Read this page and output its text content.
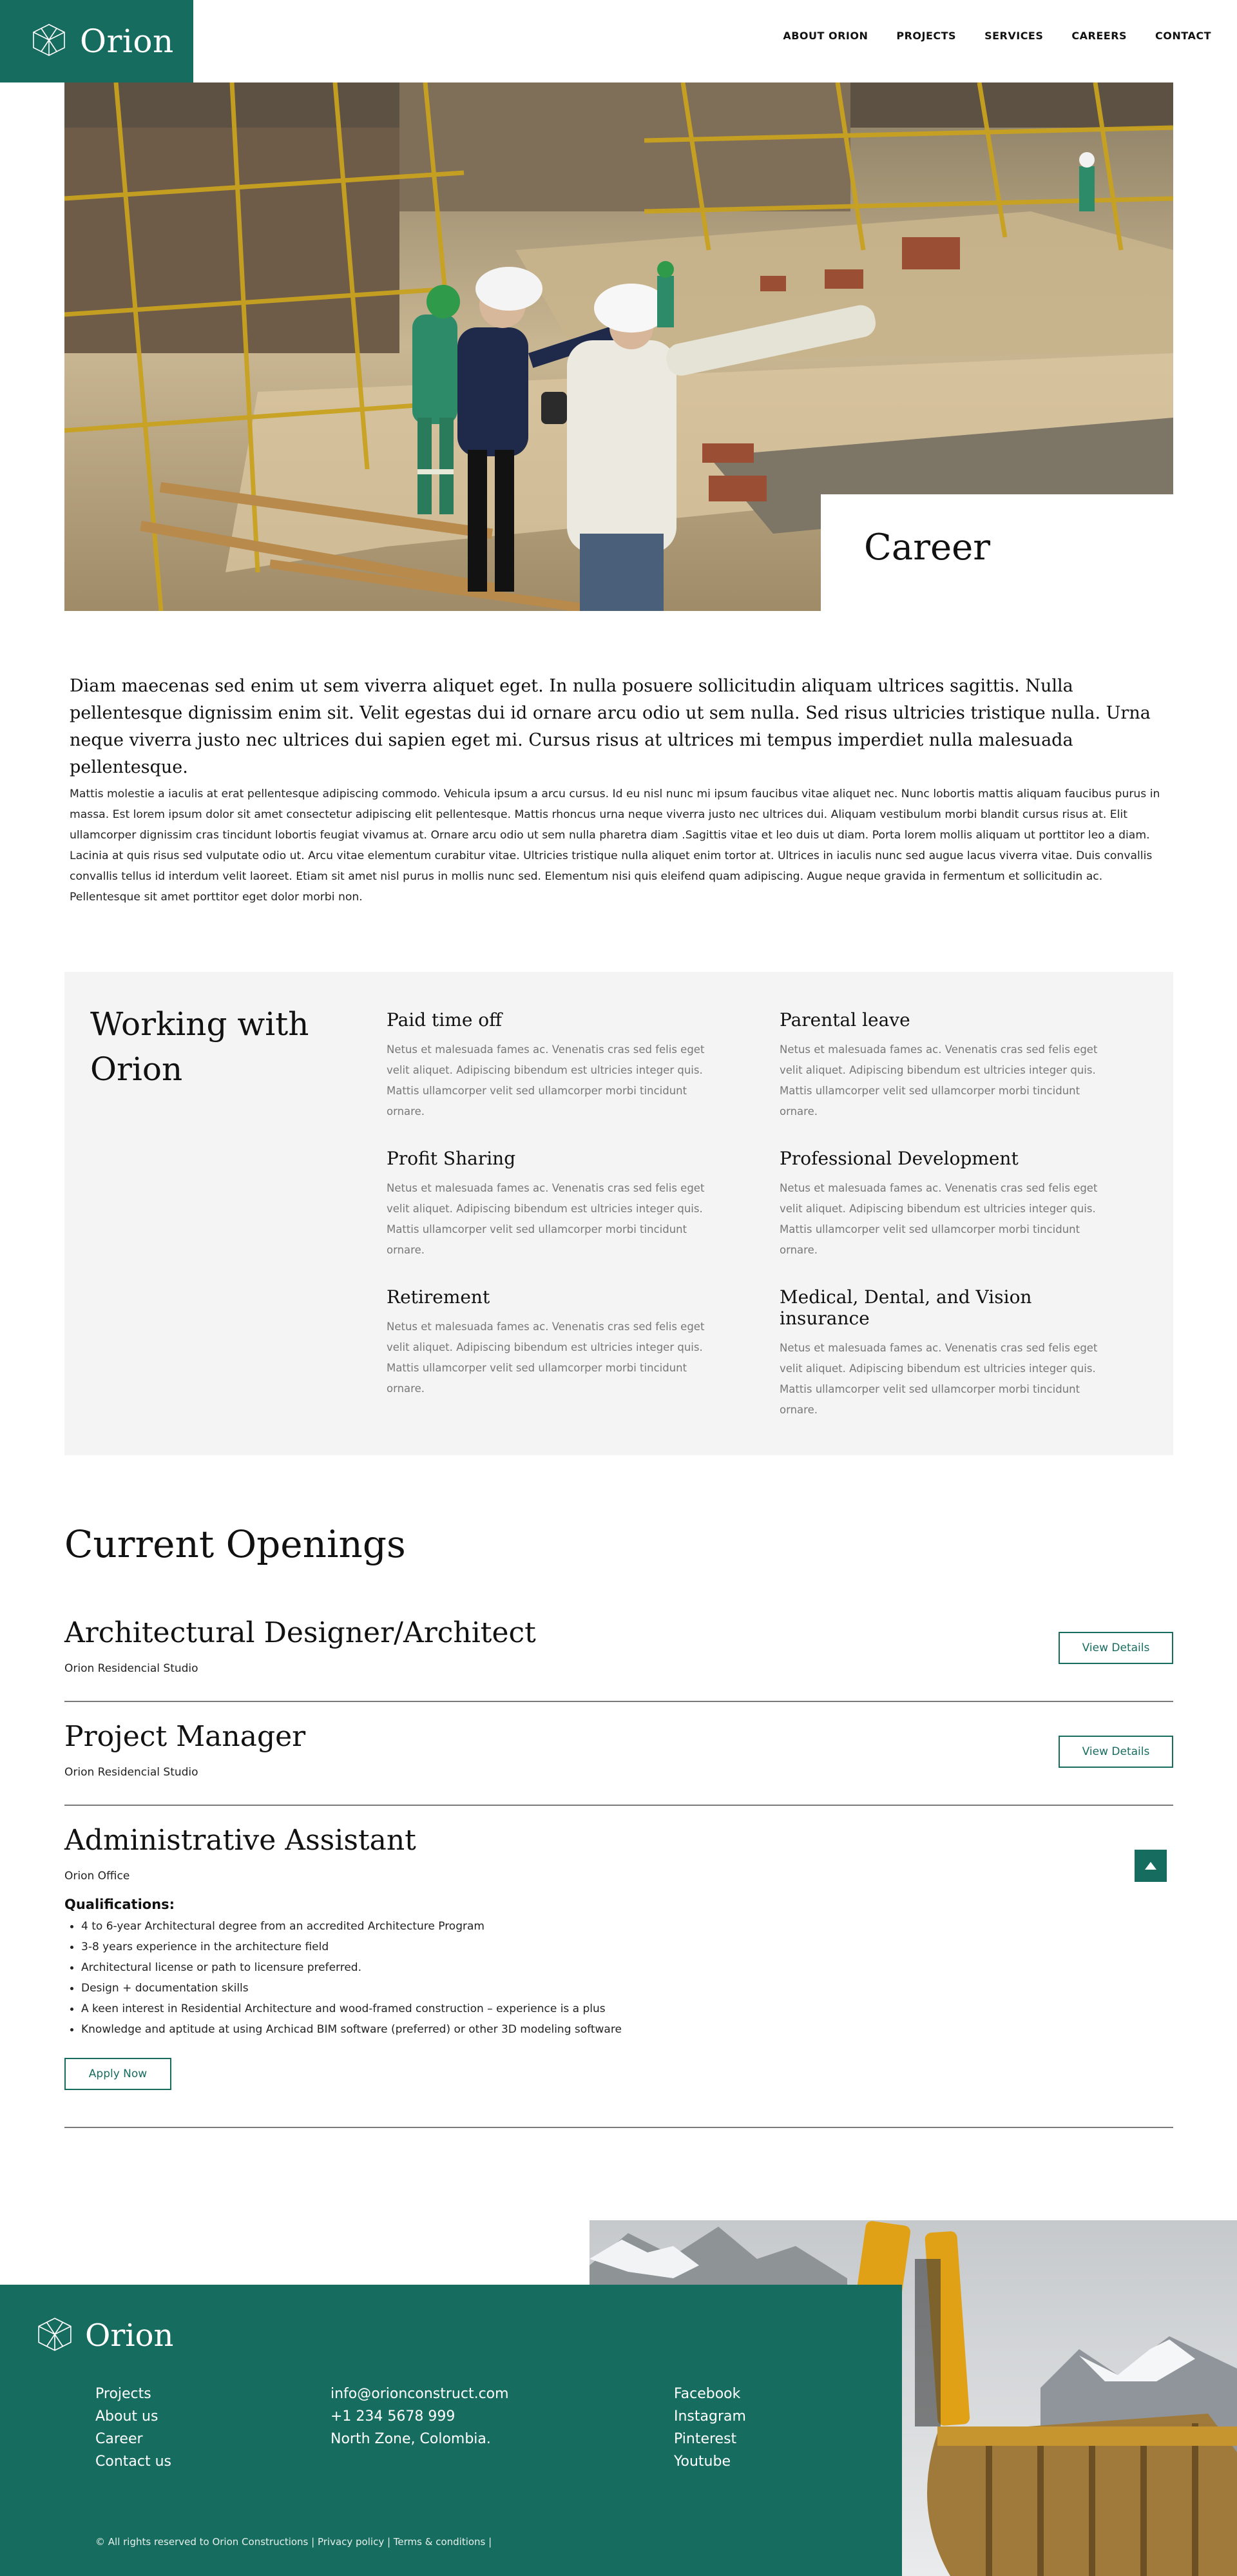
Orion	ABOUT ORION	PROJECTS	SERVICES	CAREERS	CONTACT
Career

Diam maecenas sed enim ut sem viverra aliquet eget. In nulla posuere sollicitudin aliquam ultrices sagittis. Nulla pellentesque dignissim enim sit. Velit egestas dui id ornare arcu odio ut sem nulla. Sed risus ultricies tristique nulla. Urna neque viverra justo nec ultrices dui sapien eget mi. Cursus risus at ultrices mi tempus imperdiet nulla malesuada pellentesque.

Mattis molestie a iaculis at erat pellentesque adipiscing commodo. Vehicula ipsum a arcu cursus. Id eu nisl nunc mi ipsum faucibus vitae aliquet nec. Nunc lobortis mattis aliquam faucibus purus in massa. Est lorem ipsum dolor sit amet consectetur adipiscing elit pellentesque. Mattis rhoncus urna neque viverra justo nec ultrices dui. Aliquam vestibulum morbi blandit cursus risus at. Elit ullamcorper dignissim cras tincidunt lobortis feugiat vivamus at. Ornare arcu odio ut sem nulla pharetra diam .Sagittis vitae et leo duis ut diam. Porta lorem mollis aliquam ut porttitor leo a diam. Lacinia at quis risus sed vulputate odio ut. Arcu vitae elementum curabitur vitae. Ultricies tristique nulla aliquet enim tortor at. Ultrices in iaculis nunc sed augue lacus viverra vitae. Duis convallis convallis tellus id interdum velit laoreet. Etiam sit amet nisl purus in mollis nunc sed. Elementum nisi quis eleifend quam adipiscing. Augue neque gravida in fermentum et sollicitudin ac. Pellentesque sit amet porttitor eget dolor morbi non.

Working with Orion
Paid time off

Netus et malesuada fames ac. Venenatis cras sed felis eget velit aliquet. Adipiscing bibendum est ultricies integer quis. Mattis ullamcorper velit sed ullamcorper morbi tincidunt ornare.

Parental leave

Netus et malesuada fames ac. Venenatis cras sed felis eget velit aliquet. Adipiscing bibendum est ultricies integer quis. Mattis ullamcorper velit sed ullamcorper morbi tincidunt ornare.

Profit Sharing

Netus et malesuada fames ac. Venenatis cras sed felis eget velit aliquet. Adipiscing bibendum est ultricies integer quis. Mattis ullamcorper velit sed ullamcorper morbi tincidunt ornare.

Professional Development

Netus et malesuada fames ac. Venenatis cras sed felis eget velit aliquet. Adipiscing bibendum est ultricies integer quis. Mattis ullamcorper velit sed ullamcorper morbi tincidunt ornare.

Retirement

Netus et malesuada fames ac. Venenatis cras sed felis eget velit aliquet. Adipiscing bibendum est ultricies integer quis. Mattis ullamcorper velit sed ullamcorper morbi tincidunt ornare.

Medical, Dental, and Vision insurance

Netus et malesuada fames ac. Venenatis cras sed felis eget velit aliquet. Adipiscing bibendum est ultricies integer quis. Mattis ullamcorper velit sed ullamcorper morbi tincidunt ornare.

Current Openings
Architectural Designer/Architect
Orion Residencial Studio
View Details
Project Manager
Orion Residencial Studio
View Details
Administrative Assistant
Orion Office
Qualifications:
4 to 6-year Architectural degree from an accredited Architecture Program
3-8 years experience in the architecture field
Architectural license or path to licensure preferred.
Design + documentation skills
A keen interest in Residential Architecture and wood-framed construction – experience is a plus
Knowledge and aptitude at using Archicad BIM software (preferred) or other 3D modeling software
Apply Now
Orion
Projects
About us
Career
Contact us
info@orionconstruct.com
+1 234 5678 999
North Zone, Colombia.
Facebook
Instagram
Pinterest
Youtube
© All rights reserved to Orion Constructions | Privacy policy | Terms & conditions |
